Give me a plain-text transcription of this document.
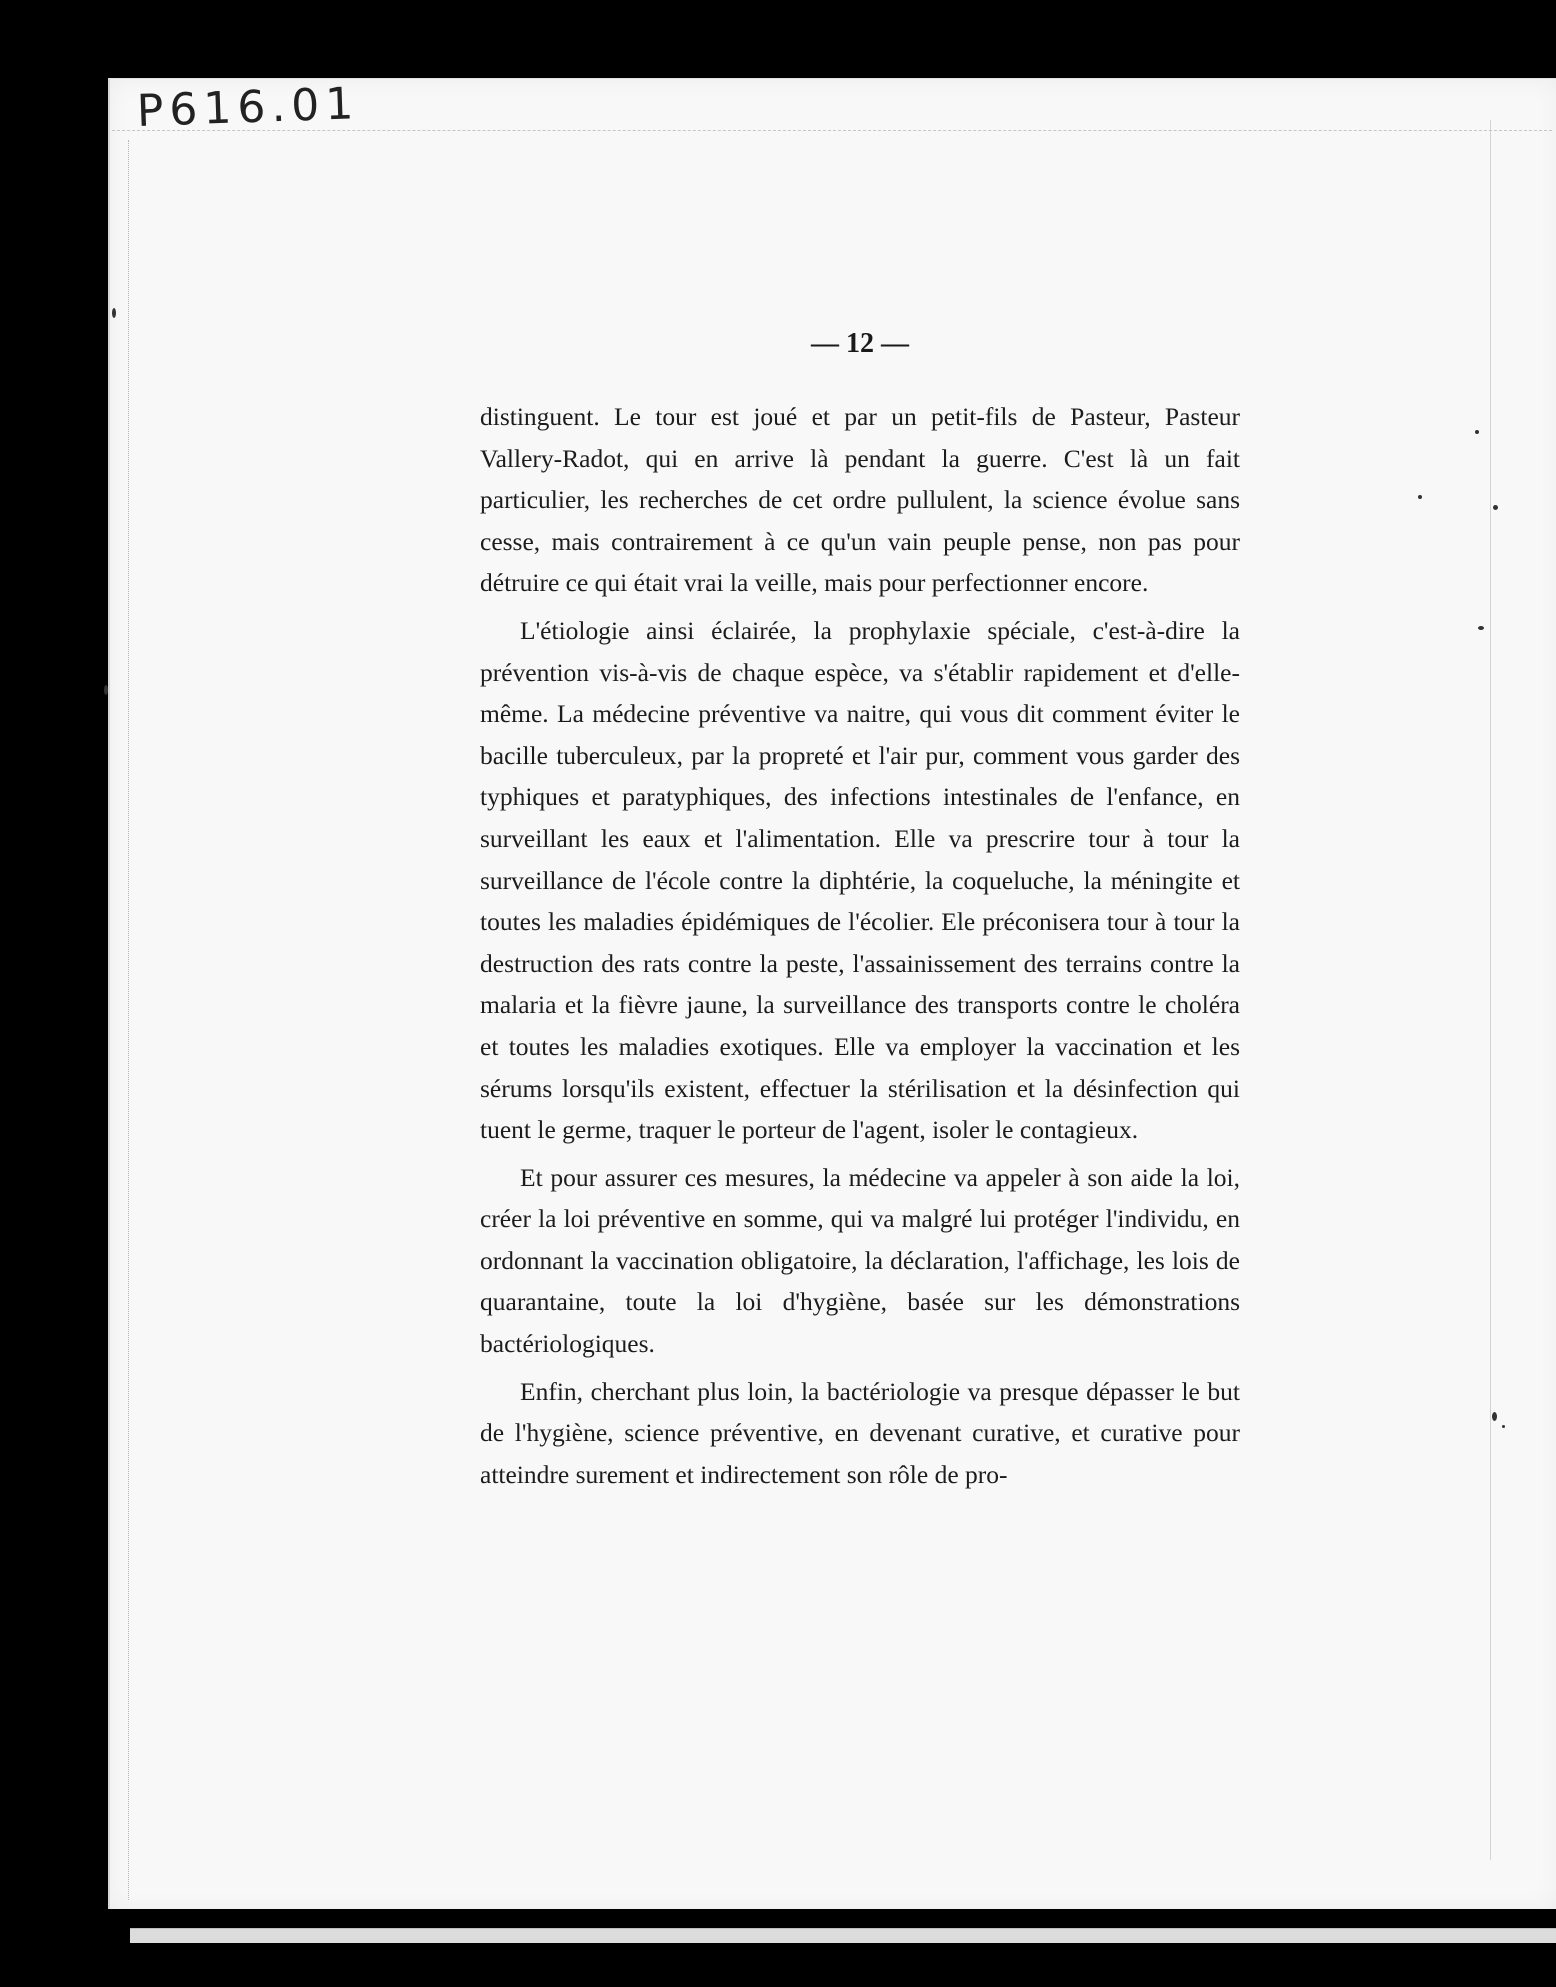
P616.01
— 12 —

distinguent. Le tour est joué et par un petit-fils de Pasteur, Pasteur Vallery-Radot, qui en arrive là pendant la guerre. C'est là un fait particulier, les recherches de cet ordre pullulent, la science évolue sans cesse, mais contrairement à ce qu'un vain peuple pense, non pas pour détruire ce qui était vrai la veille, mais pour perfectionner encore.

L'étiologie ainsi éclairée, la prophylaxie spéciale, c'est-à-dire la prévention vis-à-vis de chaque espèce, va s'établir rapidement et d'elle-même. La médecine préventive va naitre, qui vous dit comment éviter le bacille tuberculeux, par la propreté et l'air pur, comment vous garder des typhiques et paratyphiques, des infections intestinales de l'enfance, en surveillant les eaux et l'alimentation. Elle va prescrire tour à tour la surveillance de l'école contre la diphtérie, la coqueluche, la méningite et toutes les maladies épidémiques de l'écolier. Ele préconisera tour à tour la destruction des rats contre la peste, l'assainissement des terrains contre la malaria et la fièvre jaune, la surveillance des transports contre le choléra et toutes les maladies exotiques. Elle va employer la vaccination et les sérums lorsqu'ils existent, effectuer la stérilisation et la désinfection qui tuent le germe, traquer le porteur de l'agent, isoler le contagieux.

Et pour assurer ces mesures, la médecine va appeler à son aide la loi, créer la loi préventive en somme, qui va malgré lui protéger l'individu, en ordonnant la vaccination obligatoire, la déclaration, l'affichage, les lois de quarantaine, toute la loi d'hygiène, basée sur les démonstrations bactériologiques.

Enfin, cherchant plus loin, la bactériologie va presque dépasser le but de l'hygiène, science préventive, en devenant curative, et curative pour atteindre surement et indirectement son rôle de pro-
